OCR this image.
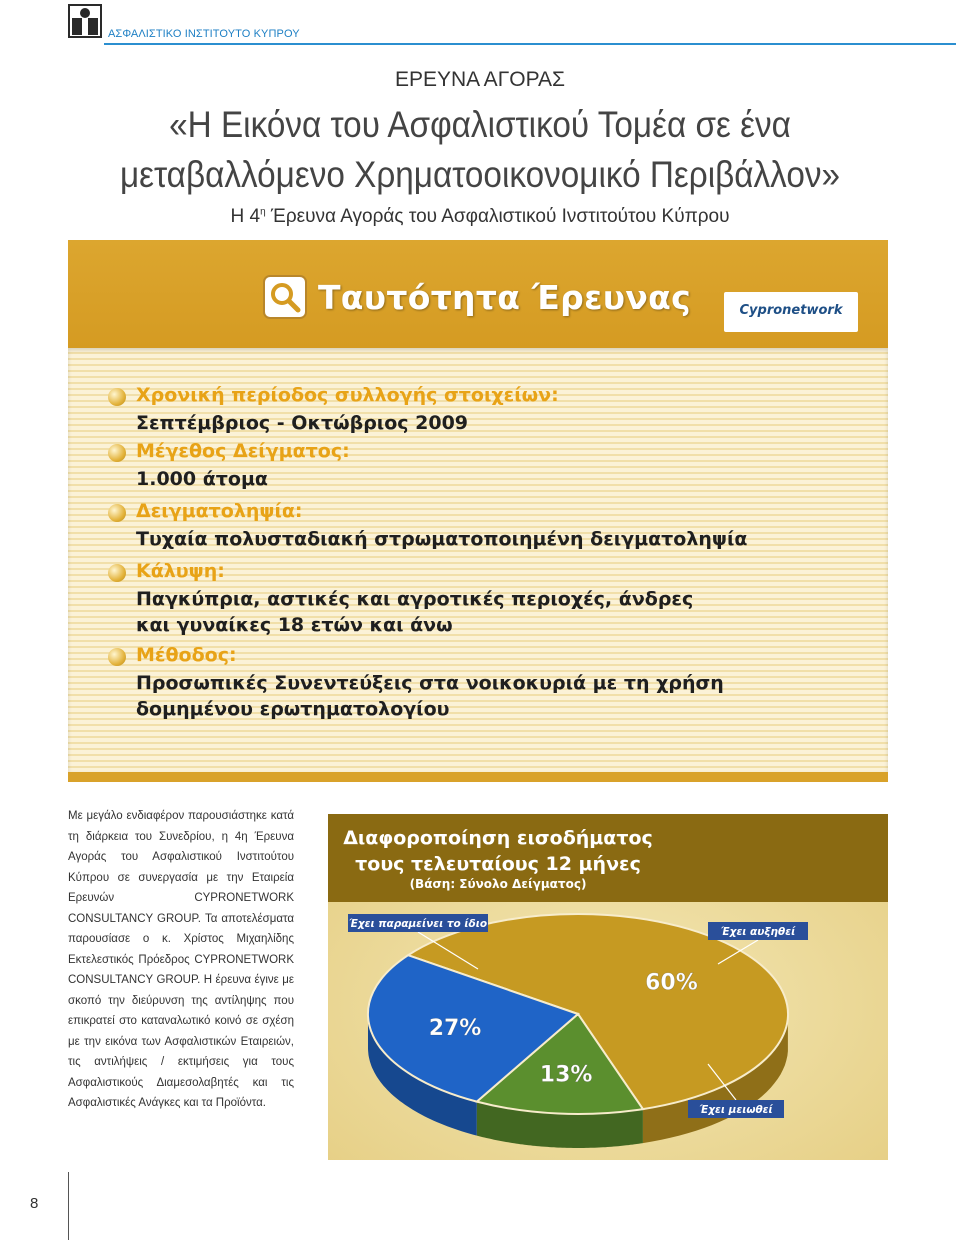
ΑΣΦΑΛΙΣΤΙΚΟ ΙΝΣΤΙΤΟΥΤΟ ΚΥΠΡΟΥ
ΕΡΕΥΝΑ ΑΓΟΡΑΣ
«Η Εικόνα του Ασφαλιστικού Τομέα σε ένα
μεταβαλλόμενο Χρηματοοικονομικό Περιβάλλον»
Η $4^\eta$ Έρευνα Αγοράς του Ασφαλιστικού Ινστιτούτου Κύπρου
Ταυτότητα Έρευνας	Cypronetwork
Χρονική περίοδος συλλογής στοιχείων:
Σεπτέμβριος - Οκτώβριος 2009
Μέγεθος Δείγματος:
1.000 άτομα
Δειγματοληψία:
Τυχαία πολυσταδιακή στρωματοποιημένη δειγματοληψία
Κάλυψη:
Παγκύπρια, αστικές και αγροτικές περιοχές, άνδρες
και γυναίκες 18 ετών και άνω
Μέθοδος:
Προσωπικές Συνεντεύξεις στα νοικοκυριά με τη χρήση
δομημένου ερωτηματολογίου
Με μεγάλο ενδιαφέρον παρουσιάστηκε κατά τη διάρκεια του Συνεδρίου, η 4η Έρευνα Αγοράς του Ασφαλιστικού Ινστιτούτου Κύπρου σε συνεργασία με την Εταιρεία Ερευνών CYPRONETWORK CONSULTANCY GROUP. Τα αποτελέσματα παρουσίασε ο κ. Χρίστος Μιχαηλίδης Εκτελεστικός Πρόεδρος CYPRONETWORK CONSULTANCY GROUP. Η έρευνα έγινε με σκοπό την διεύρυνση της αντίληψης που επικρατεί στο καταναλωτικό κοινό σε σχέση με την εικόνα των Ασφαλιστικών Εταιρειών, τις αντιλήψεις / εκτιμήσεις για τους Ασφαλιστικούς Διαμεσολαβητές και τις Ασφαλιστικές Ανάγκες και τα Προϊόντα.
Διαφοροποίηση εισοδήματος
τους τελευταίους 12 μήνες
(Βάση: Σύνολο Δείγματος)
60%
13%
27%
Έχει παραμείνει το ίδιο
Έχει αυξηθεί
Έχει μειωθεί
8
